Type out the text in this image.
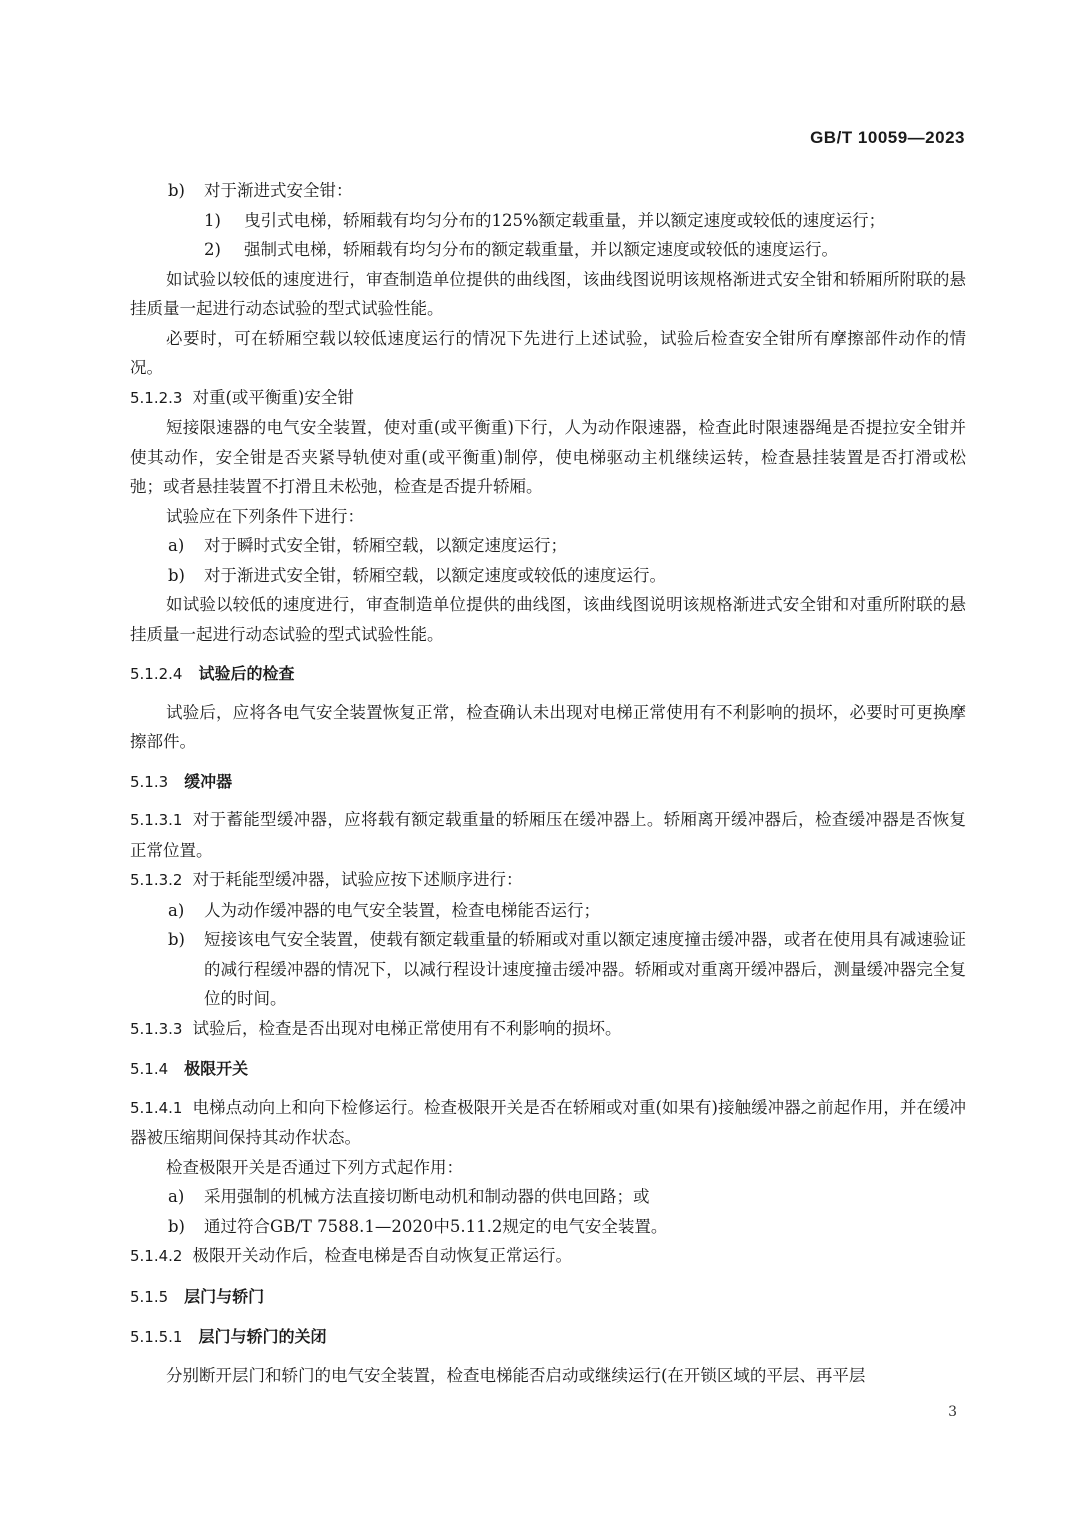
GB/T 10059—2023

b) 对于渐进式安全钳：

1) 曳引式电梯，轿厢载有均匀分布的125%额定载重量，并以额定速度或较低的速度运行；

2) 强制式电梯，轿厢载有均匀分布的额定载重量，并以额定速度或较低的速度运行。

如试验以较低的速度进行，审查制造单位提供的曲线图，该曲线图说明该规格渐进式安全钳和轿厢所附联的悬挂质量一起进行动态试验的型式试验性能。

必要时，可在轿厢空载以较低速度运行的情况下先进行上述试验，试验后检查安全钳所有摩擦部件动作的情况。

5.1.2.3 对重(或平衡重)安全钳

短接限速器的电气安全装置，使对重(或平衡重)下行，人为动作限速器，检查此时限速器绳是否提拉安全钳并使其动作，安全钳是否夹紧导轨使对重(或平衡重)制停，使电梯驱动主机继续运转，检查悬挂装置是否打滑或松弛；或者悬挂装置不打滑且未松弛，检查是否提升轿厢。

试验应在下列条件下进行：

a) 对于瞬时式安全钳，轿厢空载，以额定速度运行；

b) 对于渐进式安全钳，轿厢空载，以额定速度或较低的速度运行。

如试验以较低的速度进行，审查制造单位提供的曲线图，该曲线图说明该规格渐进式安全钳和对重所附联的悬挂质量一起进行动态试验的型式试验性能。

5.1.2.4 试验后的检查

试验后，应将各电气安全装置恢复正常，检查确认未出现对电梯正常使用有不利影响的损坏，必要时可更换摩擦部件。

5.1.3 缓冲器

5.1.3.1 对于蓄能型缓冲器，应将载有额定载重量的轿厢压在缓冲器上。轿厢离开缓冲器后，检查缓冲器是否恢复正常位置。

5.1.3.2 对于耗能型缓冲器，试验应按下述顺序进行：

a) 人为动作缓冲器的电气安全装置，检查电梯能否运行；

b) 短接该电气安全装置，使载有额定载重量的轿厢或对重以额定速度撞击缓冲器，或者在使用具有减速验证的减行程缓冲器的情况下，以减行程设计速度撞击缓冲器。轿厢或对重离开缓冲器后，测量缓冲器完全复位的时间。

5.1.3.3 试验后，检查是否出现对电梯正常使用有不利影响的损坏。

5.1.4 极限开关

5.1.4.1 电梯点动向上和向下检修运行。检查极限开关是否在轿厢或对重(如果有)接触缓冲器之前起作用，并在缓冲器被压缩期间保持其动作状态。

检查极限开关是否通过下列方式起作用：

a) 采用强制的机械方法直接切断电动机和制动器的供电回路；或

b) 通过符合GB/T 7588.1—2020中5.11.2规定的电气安全装置。

5.1.4.2 极限开关动作后，检查电梯是否自动恢复正常运行。

5.1.5 层门与轿门

5.1.5.1 层门与轿门的关闭

分别断开层门和轿门的电气安全装置，检查电梯能否启动或继续运行(在开锁区域的平层、再平层

3
